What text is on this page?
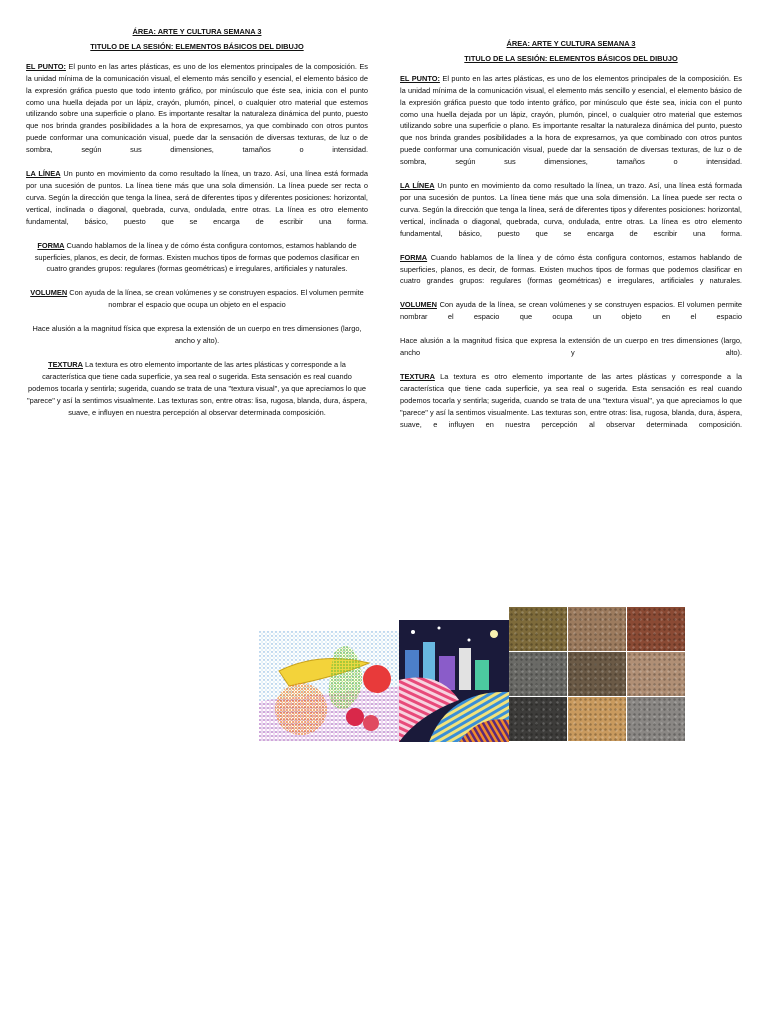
ÁREA: ARTE Y CULTURA SEMANA 3

TITULO DE LA SESIÓN: ELEMENTOS BÁSICOS DEL DIBUJO

EL PUNTO: El punto en las artes plásticas, es uno de los elementos principales de la composición. Es la unidad mínima de la comunicación visual, el elemento más sencillo y esencial, el elemento básico de la expresión gráfica puesto que todo intento gráfico, por minúsculo que éste sea, inicia con el punto como una huella dejada por un lápiz, crayón, plumón, pincel, o cualquier otro material que estemos utilizando sobre una superficie o plano. Es importante resaltar la naturaleza dinámica del punto, puesto que nos brinda grandes posibilidades a la hora de expresarnos, ya que combinado con otros puntos puede conformar una comunicación visual, puede dar la sensación de diversas texturas, de luz o de sombra, según sus dimensiones, tamaños o intensidad.

LA LÍNEA Un punto en movimiento da como resultado la línea, un trazo. Así, una línea está formada por una sucesión de puntos. La línea tiene más que una sola dimensión. La línea puede ser recta o curva. Según la dirección que tenga la línea, será de diferentes tipos y diferentes posiciones: horizontal, vertical, inclinada o diagonal, quebrada, curva, ondulada, entre otras. La línea es otro elemento fundamental, básico, puesto que se encarga de escribir una forma.

FORMA Cuando hablamos de la línea y de cómo ésta configura contornos, estamos hablando de superficies, planos, es decir, de formas. Existen muchos tipos de formas que podemos clasificar en cuatro grandes grupos: regulares (formas geométricas) e irregulares, artificiales y naturales.

VOLUMEN Con ayuda de la línea, se crean volúmenes y se construyen espacios. El volumen permite nombrar el espacio que ocupa un objeto en el espacio

Hace alusión a la magnitud física que expresa la extensión de un cuerpo en tres dimensiones (largo, ancho y alto).

TEXTURA La textura es otro elemento importante de las artes plásticas y corresponde a la característica que tiene cada superficie, ya sea real o sugerida. Esta sensación es real cuando podemos tocarla y sentirla; sugerida, cuando se trata de una "textura visual", ya que apreciamos lo que "parece" y así la sentimos visualmente. Las texturas son, entre otras: lisa, rugosa, blanda, dura, áspera, suave, e influyen en nuestra percepción al observar determinada composición.

ÁREA: ARTE Y CULTURA SEMANA 3

TITULO DE LA SESIÓN: ELEMENTOS BÁSICOS DEL DIBUJO

EL PUNTO: El punto en las artes plásticas, es uno de los elementos principales de la composición. Es la unidad mínima de la comunicación visual, el elemento más sencillo y esencial, el elemento básico de la expresión gráfica puesto que todo intento gráfico, por minúsculo que éste sea, inicia con el punto como una huella dejada por un lápiz, crayón, plumón, pincel, o cualquier otro material que estemos utilizando sobre una superficie o plano. Es importante resaltar la naturaleza dinámica del punto, puesto que nos brinda grandes posibilidades a la hora de expresarnos, ya que combinado con otros puntos puede conformar una comunicación visual, puede dar la sensación de diversas texturas, de luz o de sombra, según sus dimensiones, tamaños o intensidad.

LA LÍNEA Un punto en movimiento da como resultado la línea, un trazo. Así, una línea está formada por una sucesión de puntos. La línea tiene más que una sola dimensión. La línea puede ser recta o curva. Según la dirección que tenga la línea, será de diferentes tipos y diferentes posiciones: horizontal, vertical, inclinada o diagonal, quebrada, curva, ondulada, entre otras. La línea es otro elemento fundamental, básico, puesto que se encarga de escribir una forma.

FORMA Cuando hablamos de la línea y de cómo ésta configura contornos, estamos hablando de superficies, planos, es decir, de formas. Existen muchos tipos de formas que podemos clasificar en cuatro grandes grupos: regulares (formas geométricas) e irregulares, artificiales y naturales.

VOLUMEN Con ayuda de la línea, se crean volúmenes y se construyen espacios. El volumen permite nombrar el espacio que ocupa un objeto en el espacio

Hace alusión a la magnitud física que expresa la extensión de un cuerpo en tres dimensiones (largo, ancho y alto).

TEXTURA La textura es otro elemento importante de las artes plásticas y corresponde a la característica que tiene cada superficie, ya sea real o sugerida. Esta sensación es real cuando podemos tocarla y sentirla; sugerida, cuando se trata de una "textura visual", ya que apreciamos lo que "parece" y así la sentimos visualmente. Las texturas son, entre otras: lisa, rugosa, blanda, dura, áspera, suave, e influyen en nuestra percepción al observar determinada composición.
